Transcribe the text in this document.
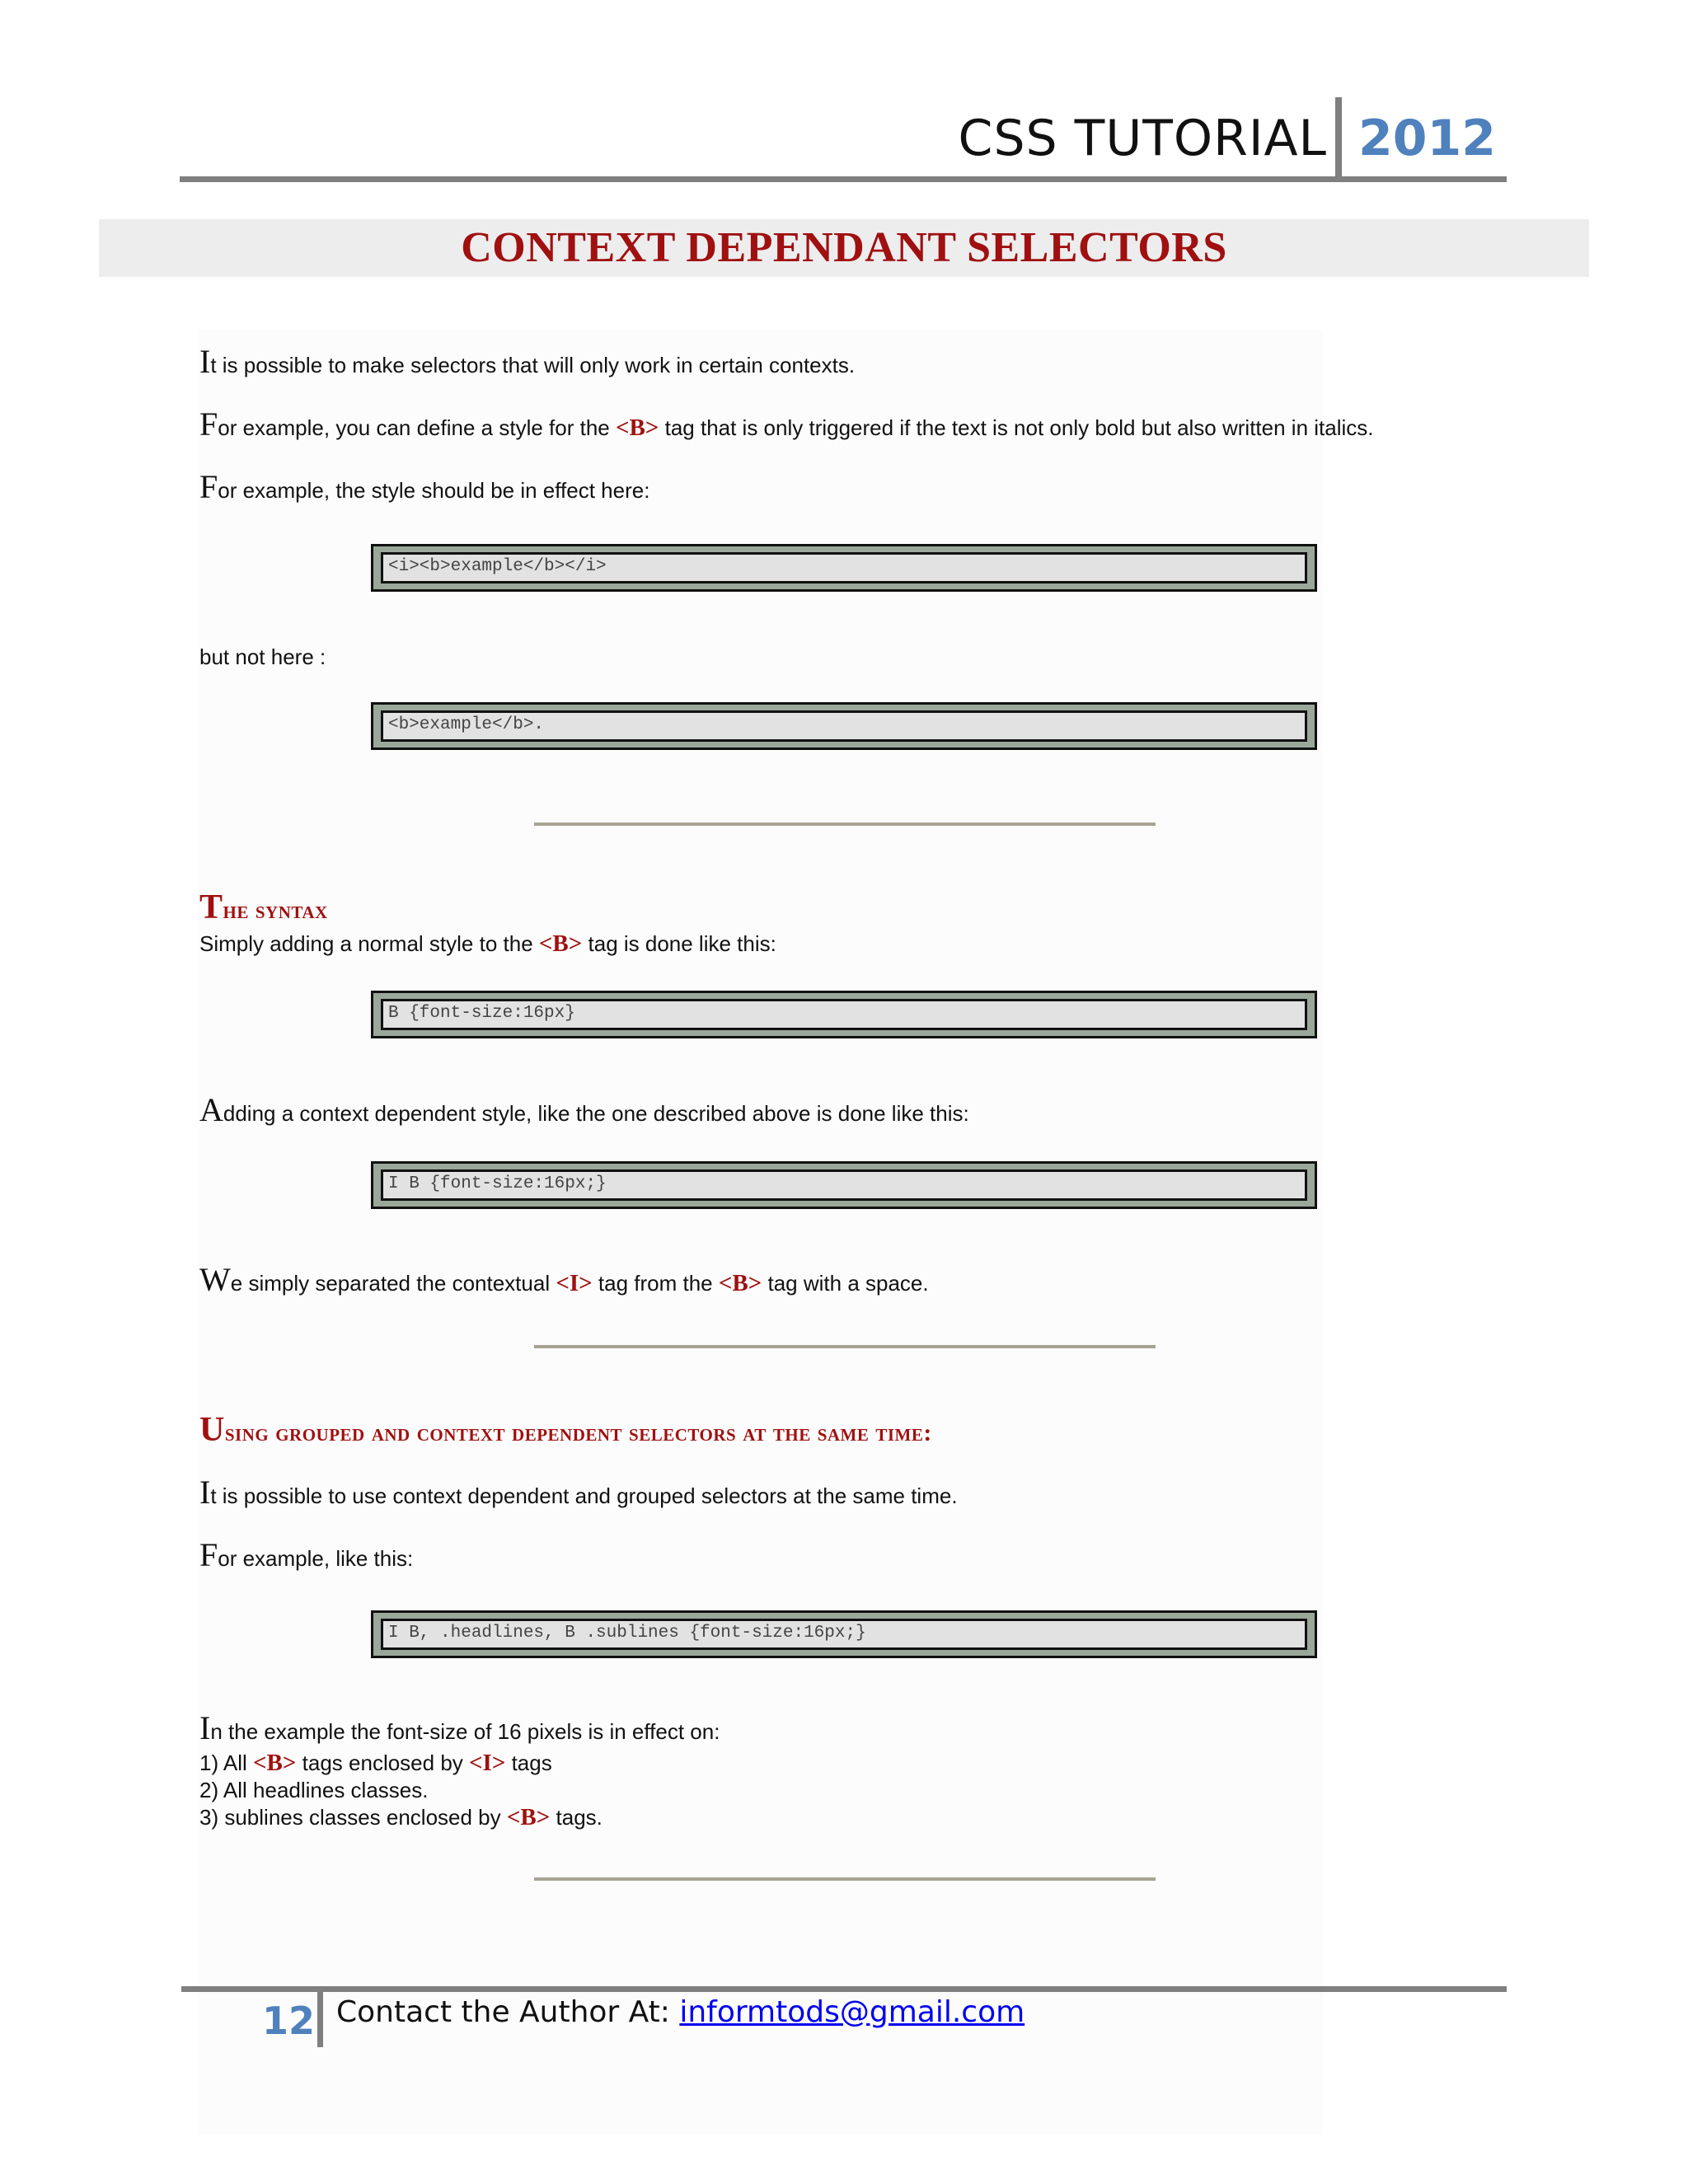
CSS TUTORIAL 2012
CONTEXT DEPENDANT SELECTORS
It is possible to make selectors that will only work in certain contexts.
For example, you can define a style for the <B> tag that is only triggered if the text is not only bold but also written in italics.
For example, the style should be in effect here:
<i><b>example</b></i>
but not here :
<b>example</b>.
The syntax
Simply adding a normal style to the <B> tag is done like this:
B {font-size:16px}
Adding a context dependent style, like the one described above is done like this:
I B {font-size:16px;}
We simply separated the contextual <I> tag from the <B> tag with a space.
Using grouped and context dependent selectors at the same time:
It is possible to use context dependent and grouped selectors at the same time.
For example, like this:
I B, .headlines, B .sublines {font-size:16px;}
In the example the font-size of 16 pixels is in effect on:
1) All <B> tags enclosed by <I> tags
2) All headlines classes.
3) sublines classes enclosed by <B> tags.
12 Contact the Author At: informtods@gmail.com
